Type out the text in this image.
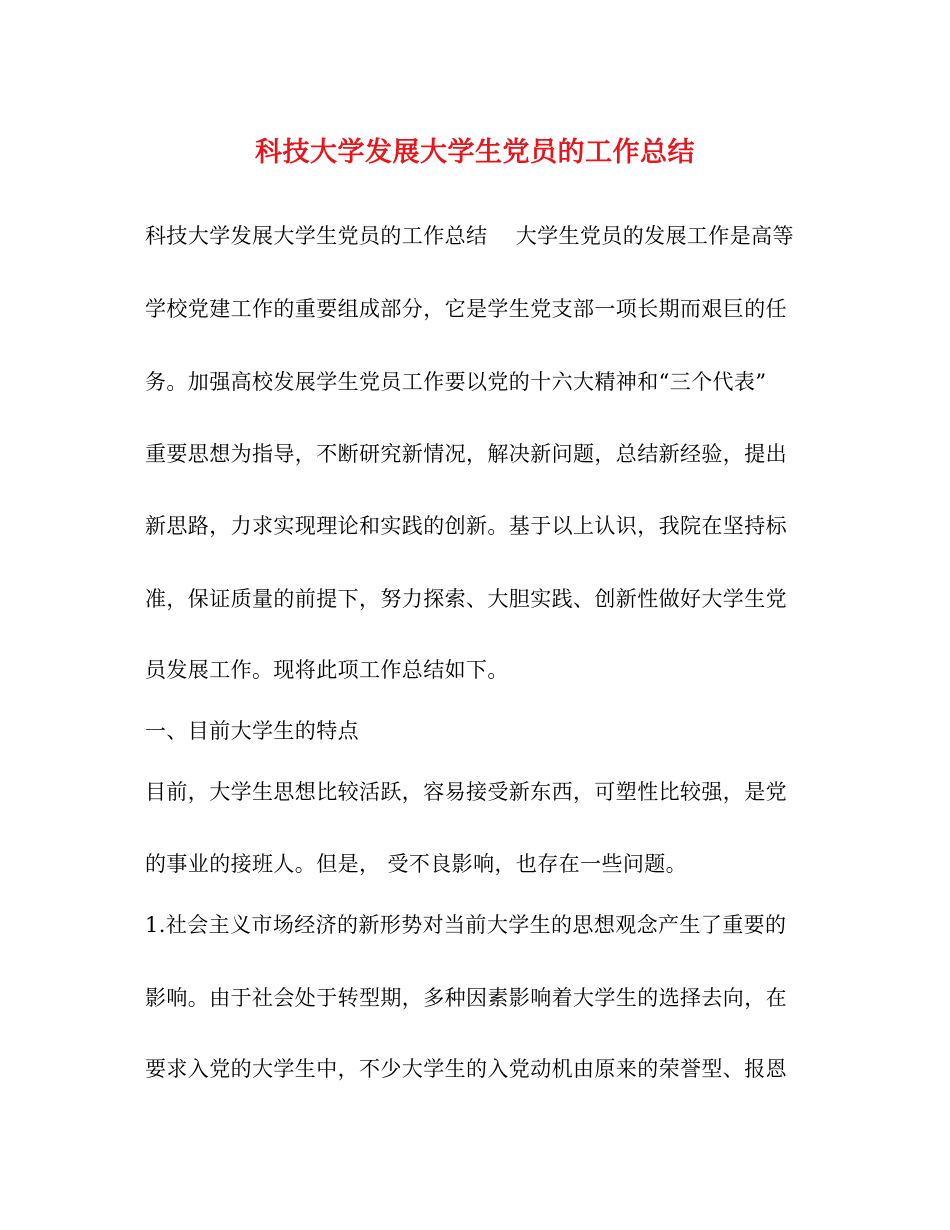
科技大学发展大学生党员的工作总结
科技大学发展大学生党员的工作总结    大学生党员的发展工作是高等
学校党建工作的重要组成部分，它是学生党支部一项长期而艰巨的任
务。加强高校发展学生党员工作要以党的十六大精神和“三个代表”
重要思想为指导，不断研究新情况，解决新问题，总结新经验，提出
新思路，力求实现理论和实践的创新。基于以上认识，我院在坚持标
准，保证质量的前提下，努力探索、大胆实践、创新性做好大学生党
员发展工作。现将此项工作总结如下。
一、目前大学生的特点
目前，大学生思想比较活跃，容易接受新东西，可塑性比较强，是党
的事业的接班人。但是， 受不良影响，也存在一些问题。
1.社会主义市场经济的新形势对当前大学生的思想观念产生了重要的
影响。由于社会处于转型期，多种因素影响着大学生的选择去向，在
要求入党的大学生中，不少大学生的入党动机由原来的荣誉型、报恩
